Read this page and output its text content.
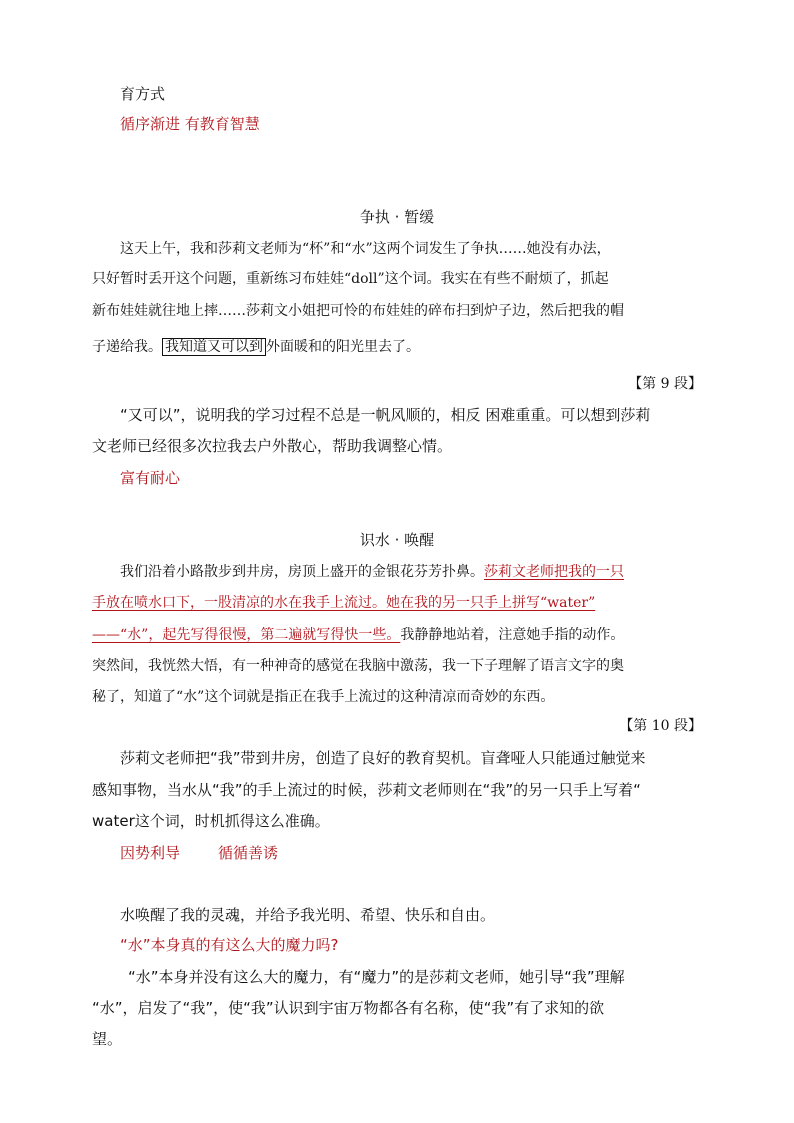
育方式
循序渐进 有教育智慧
争执 · 暂缓
这天上午，我和莎莉文老师为“杯”和“水”这两个词发生了争执……她没有办法，
只好暂时丢开这个问题，重新练习布娃娃“doll”这个词。我实在有些不耐烦了，抓起
新布娃娃就往地上摔……莎莉文小姐把可怜的布娃娃的碎布扫到炉子边，然后把我的帽
子递给我。 我知道又可以到 外面暖和的阳光里去了。
【第 9 段】
“又可以”，说明我的学习过程不总是一帆风顺的，相反 困难重重。可以想到莎莉
文老师已经很多次拉我去户外散心，帮助我调整心情。
富有耐心
识水 · 唤醒
我们沿着小路散步到井房，房顶上盛开的金银花芬芳扑鼻。莎莉文老师把我的一只
手放在喷水口下，一股清凉的水在我手上流过。她在我的另一只手上拼写“water”
——“水”，起先写得很慢，第二遍就写得快一些。我静静地站着，注意她手指的动作。
突然间，我恍然大悟，有一种神奇的感觉在我脑中激荡，我一下子理解了语言文字的奥
秘了，知道了“水”这个词就是指正在我手上流过的这种清凉而奇妙的东西。
【第 10 段】
莎莉文老师把“我”带到井房，创造了良好的教育契机。盲聋哑人只能通过触觉来
感知事物，当水从“我”的手上流过的时候，莎莉文老师则在“我”的另一只手上写着“
water这个词，时机抓得这么准确。
因势利导	循循善诱
水唤醒了我的灵魂，并给予我光明、希望、快乐和自由。
“水”本身真的有这么大的魔力吗?
“水”本身并没有这么大的魔力，有“魔力”的是莎莉文老师，她引导“我”理解
“水”，启发了“我”，使“我”认识到宇宙万物都各有名称，使“我”有了求知的欲
望。
